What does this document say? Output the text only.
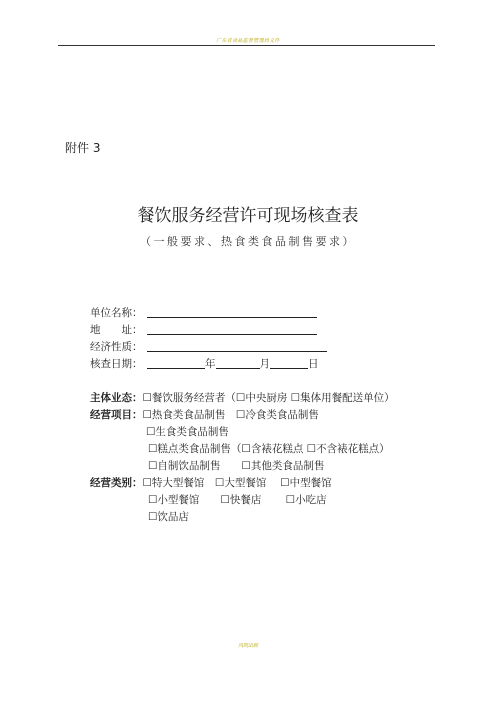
广东省食品监督管理局文件
附件 3
餐饮服务经营许可现场核查表
（一般要求、热食类食品制售要求）
单位名称：
地　　址：
经济性质：
核查日期：	年	月	日
主体业态：☐餐饮服务经营者（☐中央厨房 ☐集体用餐配送单位）
经营项目：☐热食类食品制售　☐冷食类食品制售
☐生食类食品制售
☐糕点类食品制售（☐含裱花糕点 ☐不含裱花糕点）
☐自制饮品制售　　☐其他类食品制售
经营类别：☐特大型餐馆　☐大型餐馆　 ☐中型餐馆
☐小型餐馆　　☐快餐店　　 ☐小吃店
☐饮品店
风筑出版
